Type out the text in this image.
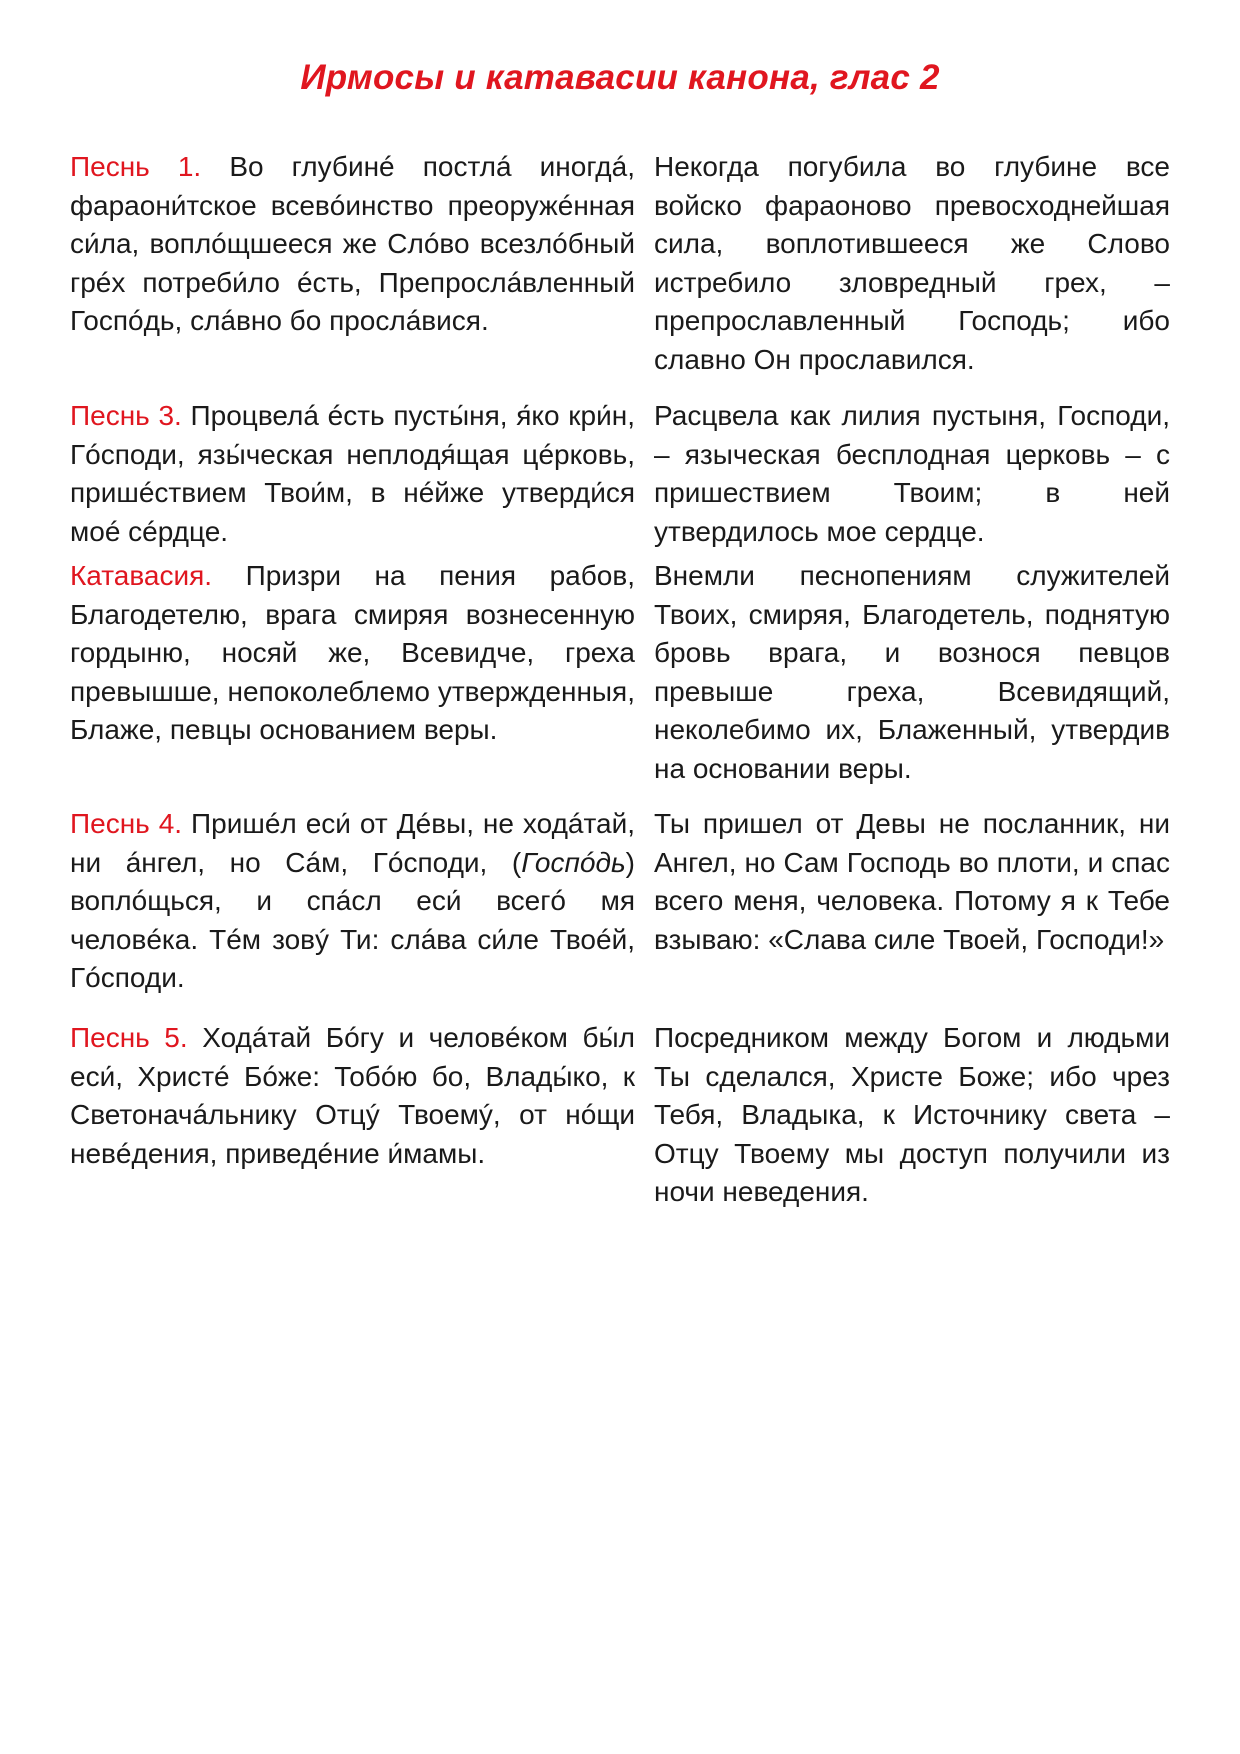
Ирмосы и катавасии канона, глас 2

Песнь 1. Во глубинé постлá иногдá, фараони́тское всевóинство преоружéнная си́ла, воплóщшееся же Слóво всезлóбный грéх потреби́ло éсть, Препрослáвленный Госпóдь, слáвно бо прослáвися.

Некогда погубила во глубине все войско фараоново превосходнейшая сила, воплотившееся же Слово истребило зловредный грех, – препрославленный Господь; ибо славно Он прославился.

Песнь 3. Процвелá éсть пусты́ня, я́ко кри́н, Гóсподи, язы́ческая неплодя́щая цéрковь, пришéствием Твои́м, в нéйже утверди́ся моé сéрдце.

Расцвела как лилия пустыня, Господи, – языческая бесплодная церковь – с пришествием Твоим; в ней утвердилось мое сердце.

Катавасия. Призри на пения рабов, Благодетелю, врага смиряя вознесенную гордыню, носяй же, Всевидче, греха превышше, непоколеблемо утвержденныя, Блаже, певцы основанием веры.

Внемли песнопениям служителей Твоих, смиряя, Благодетель, поднятую бровь врага, и вознося певцов превыше греха, Всевидящий, неколебимо их, Блаженный, утвердив на основании веры.

Песнь 4. Пришéл еси́ от Дéвы, не ходáтай, ни áнгел, но Сáм, Гóсподи, (Госпóдь) воплóщься, и спáсл еси́ всегó мя человéка. Тéм зовý Ти: слáва си́ле Твоéй, Гóсподи.

Ты пришел от Девы не посланник, ни Ангел, но Сам Господь во плоти, и спас всего меня, человека. Потому я к Тебе взываю: «Слава силе Твоей, Господи!»

Песнь 5. Ходáтай Бóгу и человéком бы́л еси́, Христé Бóже: Тобóю бо, Влады́ко, к Светоначáльнику Отцý Твоемý, от нóщи невéдения, приведéние и́мамы.

Посредником между Богом и людьми Ты сделался, Христе Боже; ибо чрез Тебя, Владыка, к Источнику света – Отцу Твоему мы доступ получили из ночи неведения.
